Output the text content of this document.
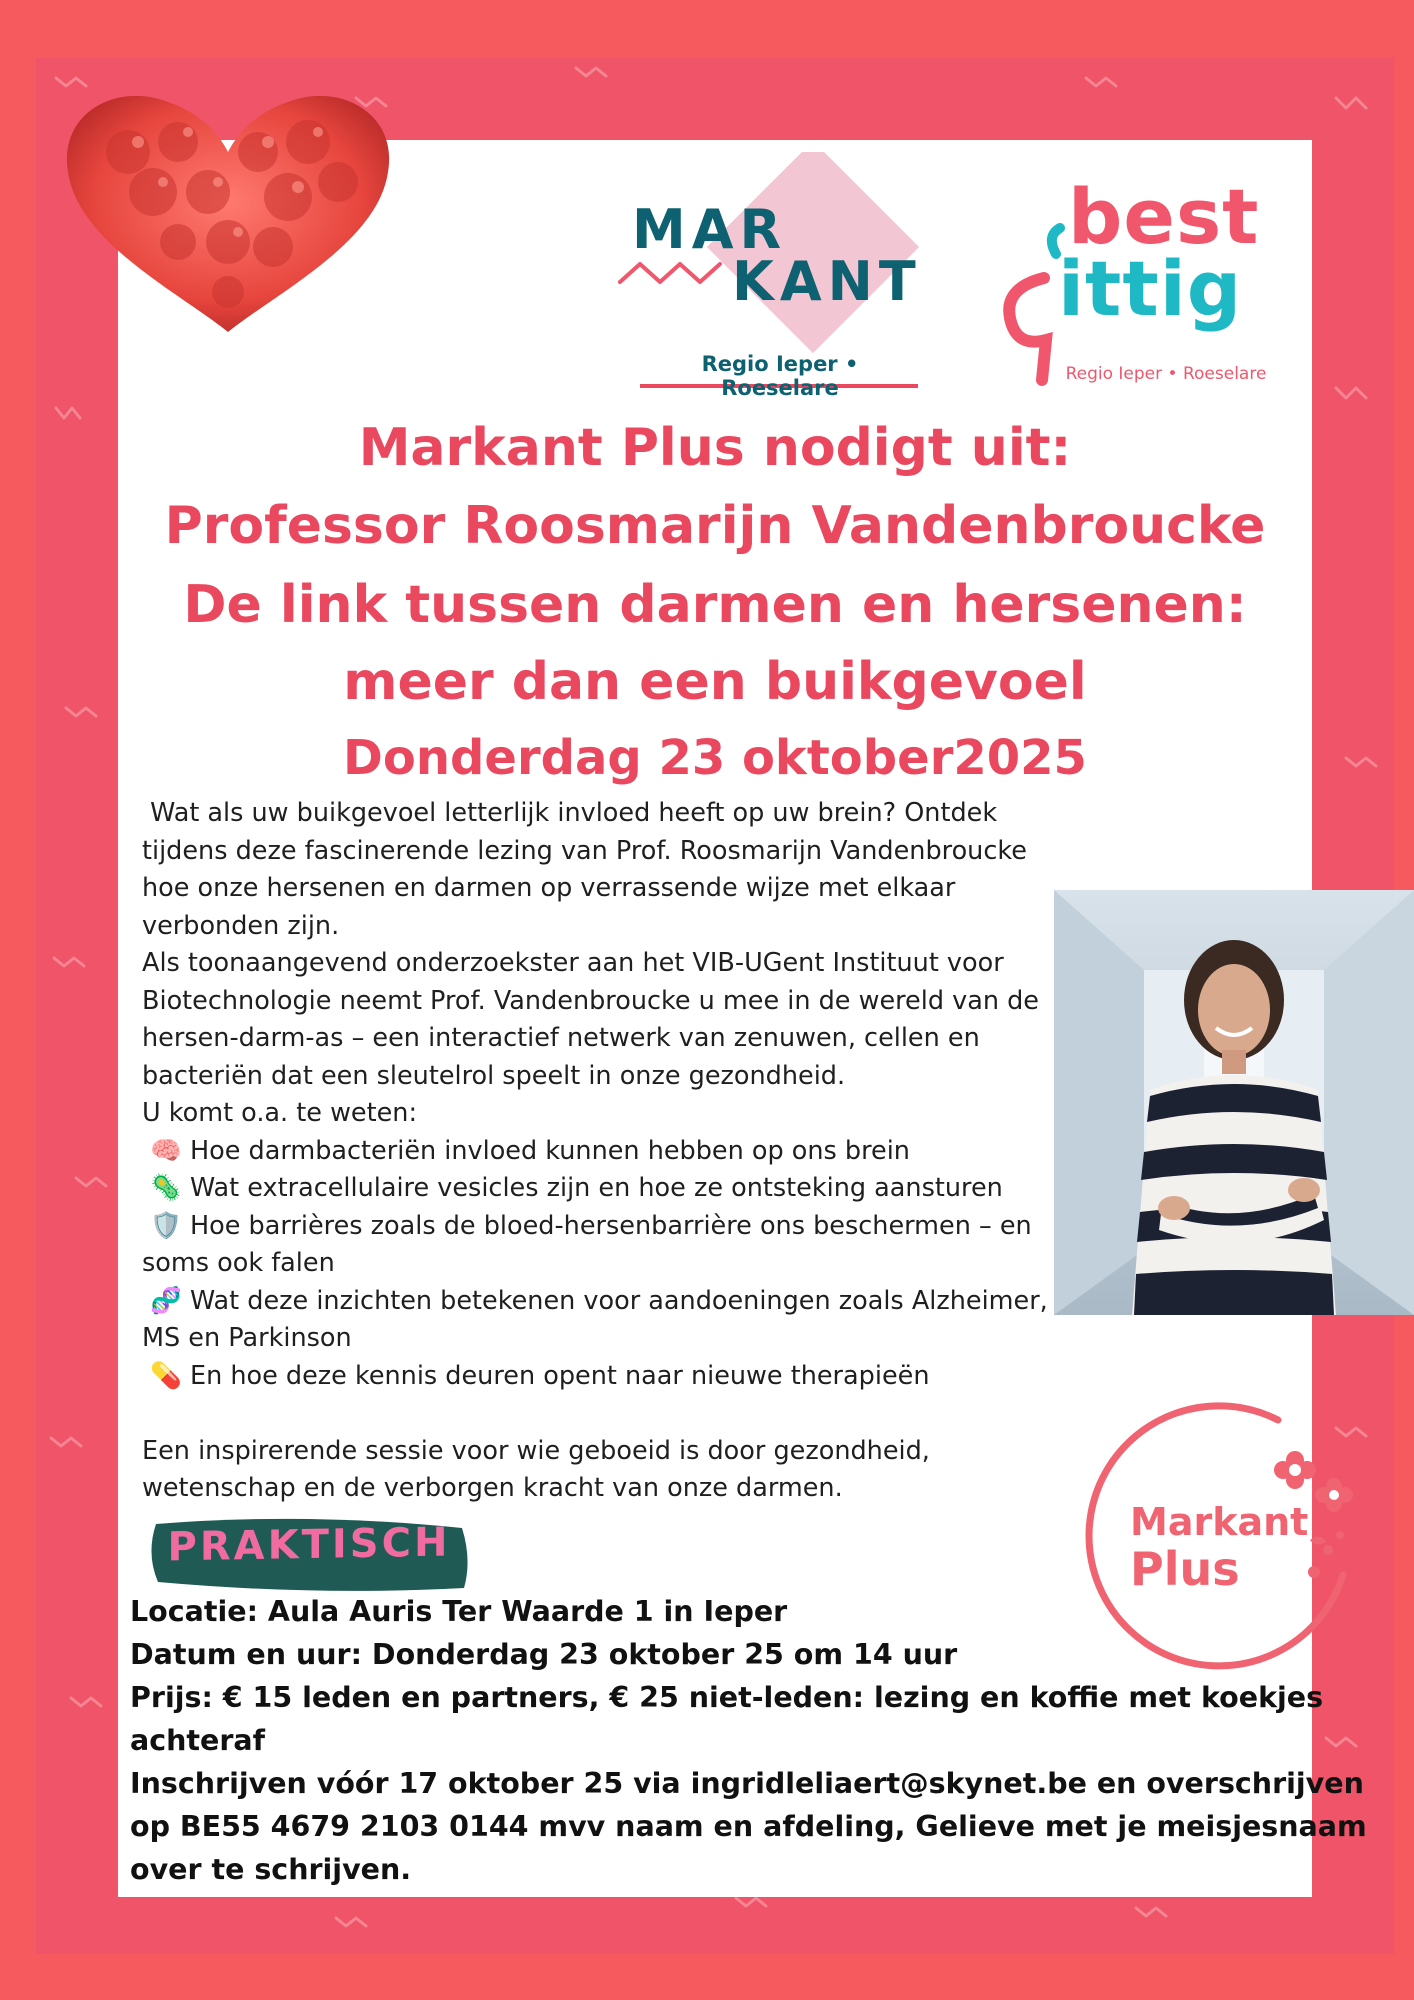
MAR
KANT
Regio Ieper • Roeselare
best
ittig
Regio Ieper • Roeselare
Markant Plus nodigt uit:
Professor Roosmarijn Vandenbroucke
De link tussen darmen en hersenen:
meer dan een buikgevoel
Donderdag 23 oktober2025
Wat als uw buikgevoel letterlijk invloed heeft op uw brein? Ontdek
tijdens deze fascinerende lezing van Prof. Roosmarijn Vandenbroucke
hoe onze hersenen en darmen op verrassende wijze met elkaar
verbonden zijn.
Als toonaangevend onderzoekster aan het VIB-UGent Instituut voor
Biotechnologie neemt Prof. Vandenbroucke u mee in de wereld van de
hersen-darm-as – een interactief netwerk van zenuwen, cellen en
bacteriën dat een sleutelrol speelt in onze gezondheid.
U komt o.a. te weten:
🧠 Hoe darmbacteriën invloed kunnen hebben op ons brein
🦠 Wat extracellulaire vesicles zijn en hoe ze ontsteking aansturen
🛡️ Hoe barrières zoals de bloed-hersenbarrière ons beschermen – en
soms ook falen
🧬 Wat deze inzichten betekenen voor aandoeningen zoals Alzheimer,
MS en Parkinson
💊 En hoe deze kennis deuren opent naar nieuwe therapieën

Een inspirerende sessie voor wie geboeid is door gezondheid,
wetenschap en de verborgen kracht van onze darmen.
Markant
Plus
PRAKTISCH
Locatie: Aula Auris Ter Waarde 1 in Ieper
Datum en uur: Donderdag 23 oktober 25 om 14 uur
Prijs: € 15 leden en partners, € 25 niet-leden: lezing en koffie met koekjes
achteraf
Inschrijven vóór 17 oktober 25 via ingridleliaert@skynet.be en overschrijven
op BE55 4679 2103 0144 mvv naam en afdeling, Gelieve met je meisjesnaam
over te schrijven.
